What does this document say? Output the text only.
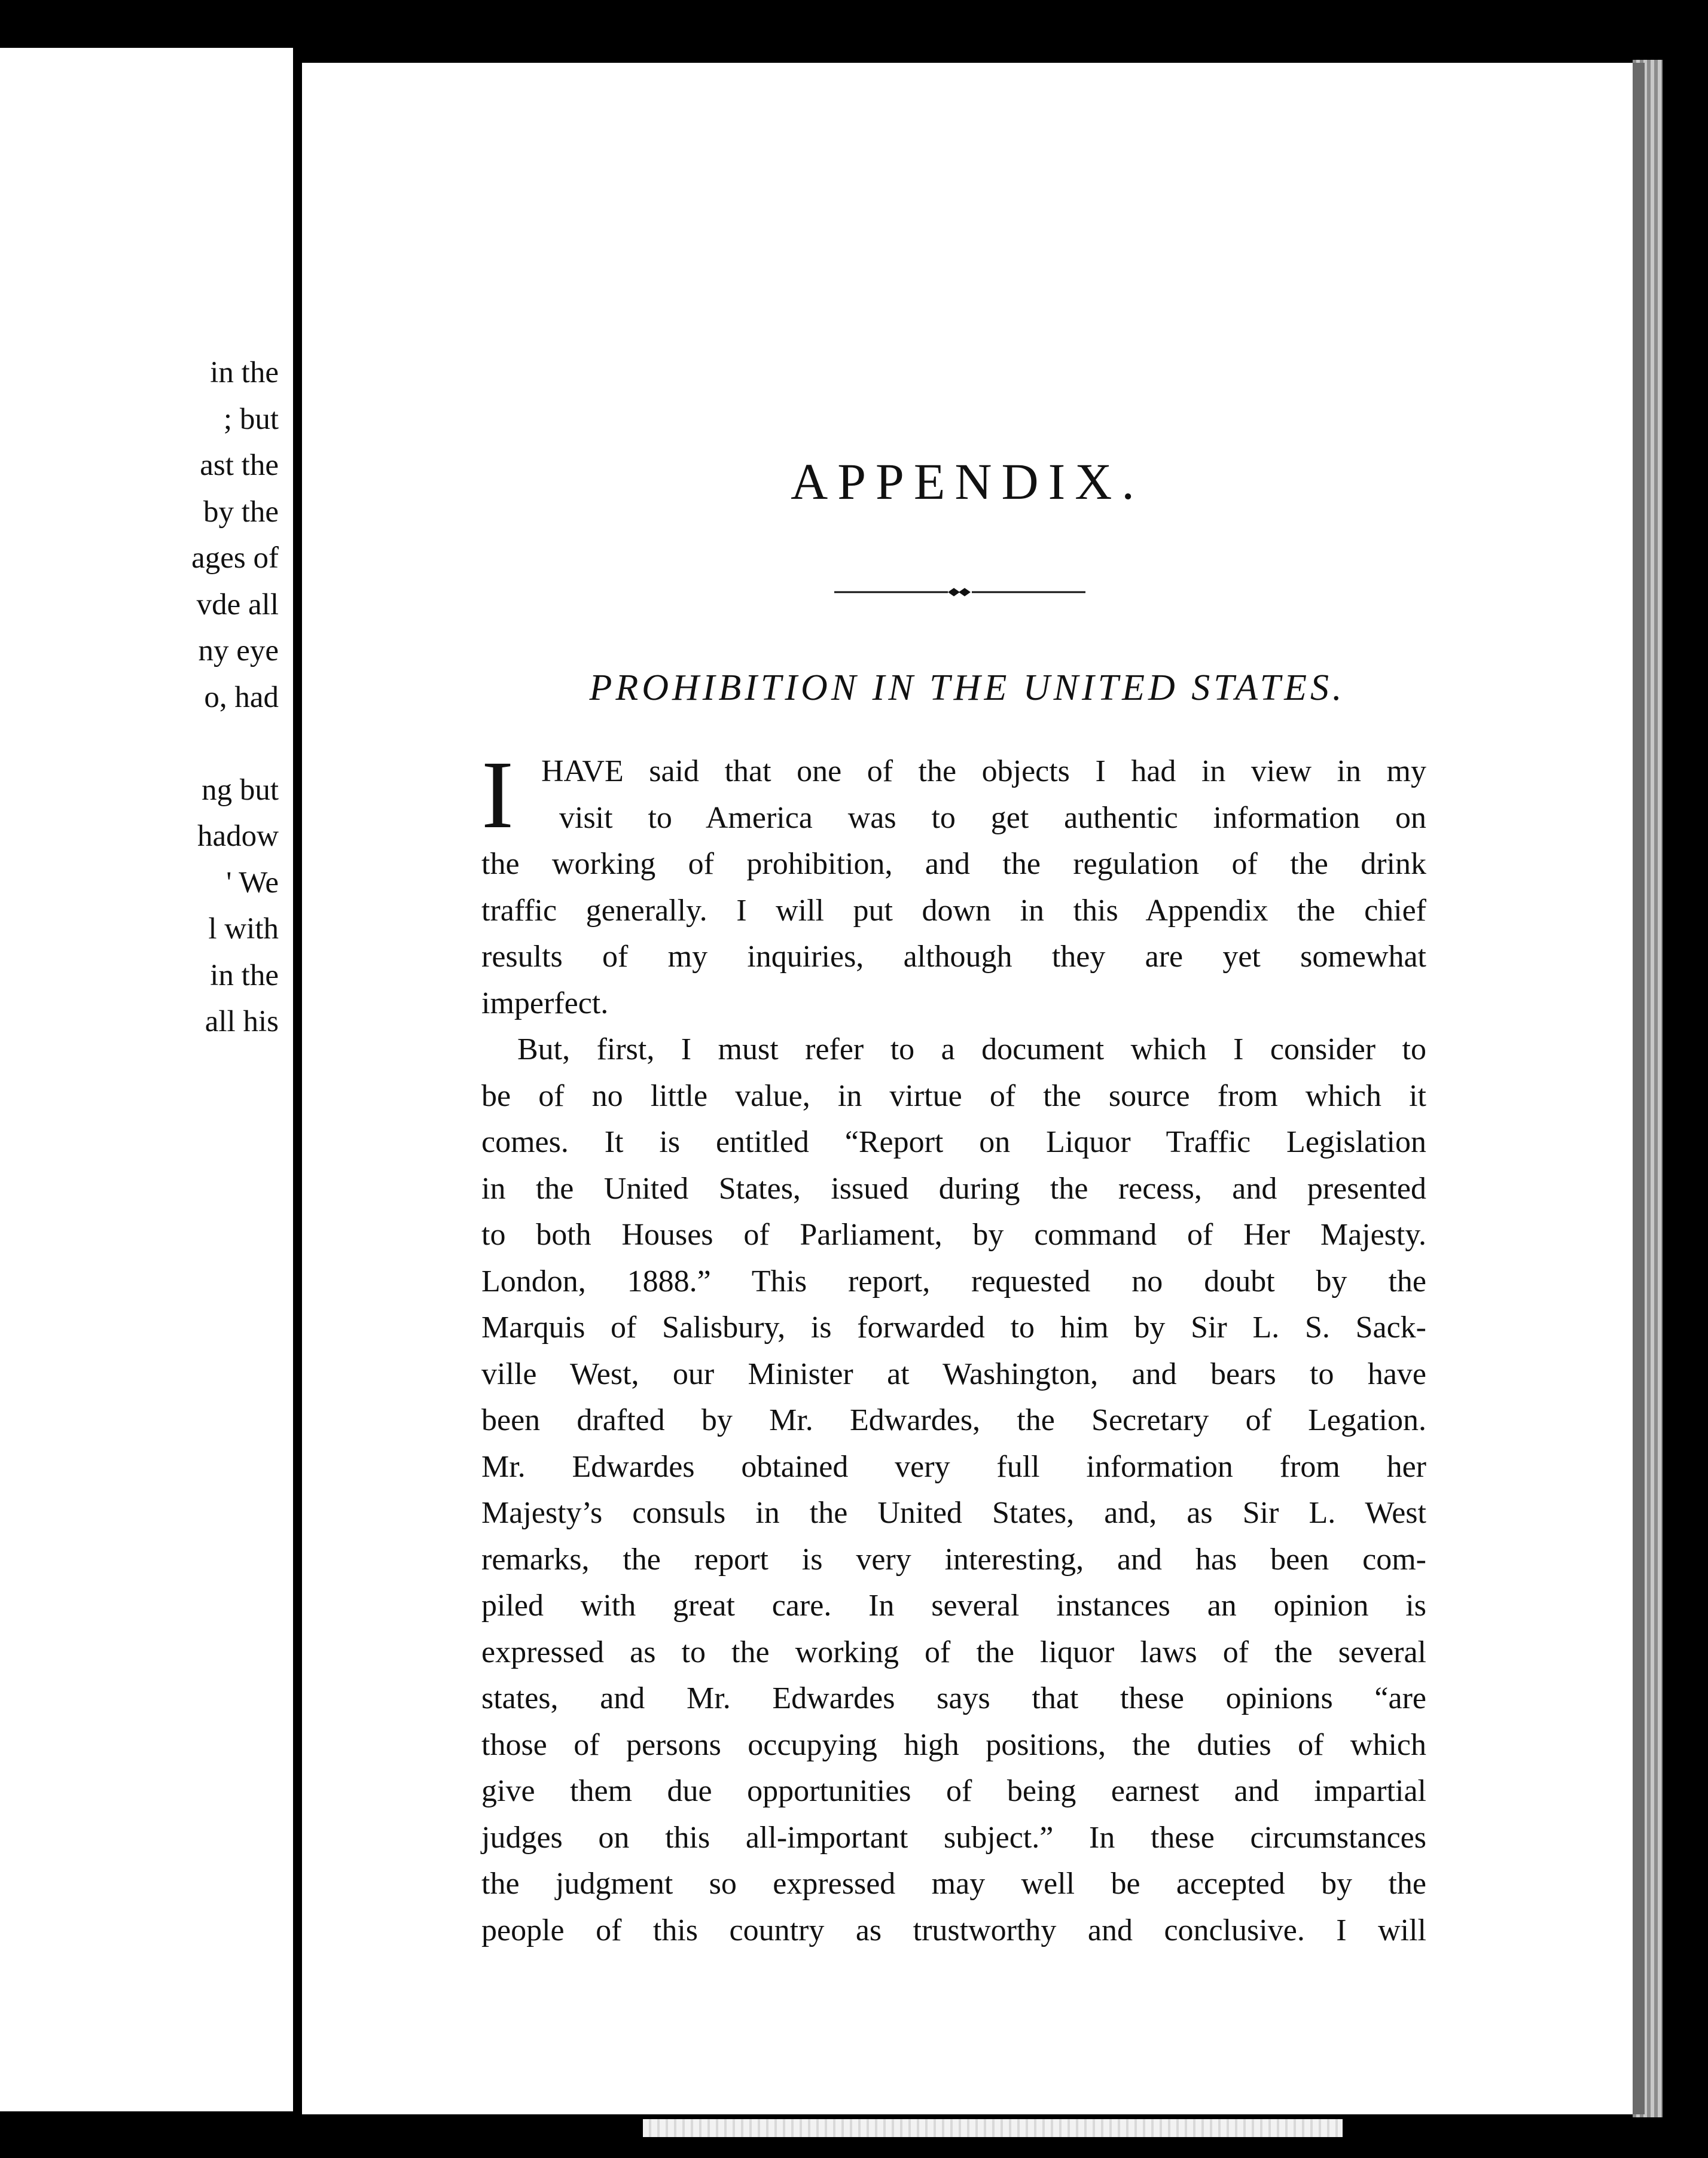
in the
; but
ast the
by the
ages of
vde all
ny eye
o, had
ng but
hadow
' We
l with
in the
all his
APPENDIX.
PROHIBITION IN THE UNITED STATES.
I HAVE said that one of the objects I had in view in my
visit to America was to get authentic information on
the working of prohibition, and the regulation of the drink
traffic generally. I will put down in this Appendix the chief
results of my inquiries, although they are yet somewhat
imperfect.
But, first, I must refer to a document which I consider to
be of no little value, in virtue of the source from which it
comes. It is entitled “Report on Liquor Traffic Legislation
in the United States, issued during the recess, and presented
to both Houses of Parliament, by command of Her Majesty.
London, 1888.” This report, requested no doubt by the
Marquis of Salisbury, is forwarded to him by Sir L. S. Sack-
ville West, our Minister at Washington, and bears to have
been drafted by Mr. Edwardes, the Secretary of Legation.
Mr. Edwardes obtained very full information from her
Majesty’s consuls in the United States, and, as Sir L. West
remarks, the report is very interesting, and has been com-
piled with great care. In several instances an opinion is
expressed as to the working of the liquor laws of the several
states, and Mr. Edwardes says that these opinions “are
those of persons occupying high positions, the duties of which
give them due opportunities of being earnest and impartial
judges on this all-important subject.” In these circumstances
the judgment so expressed may well be accepted by the
people of this country as trustworthy and conclusive. I will
